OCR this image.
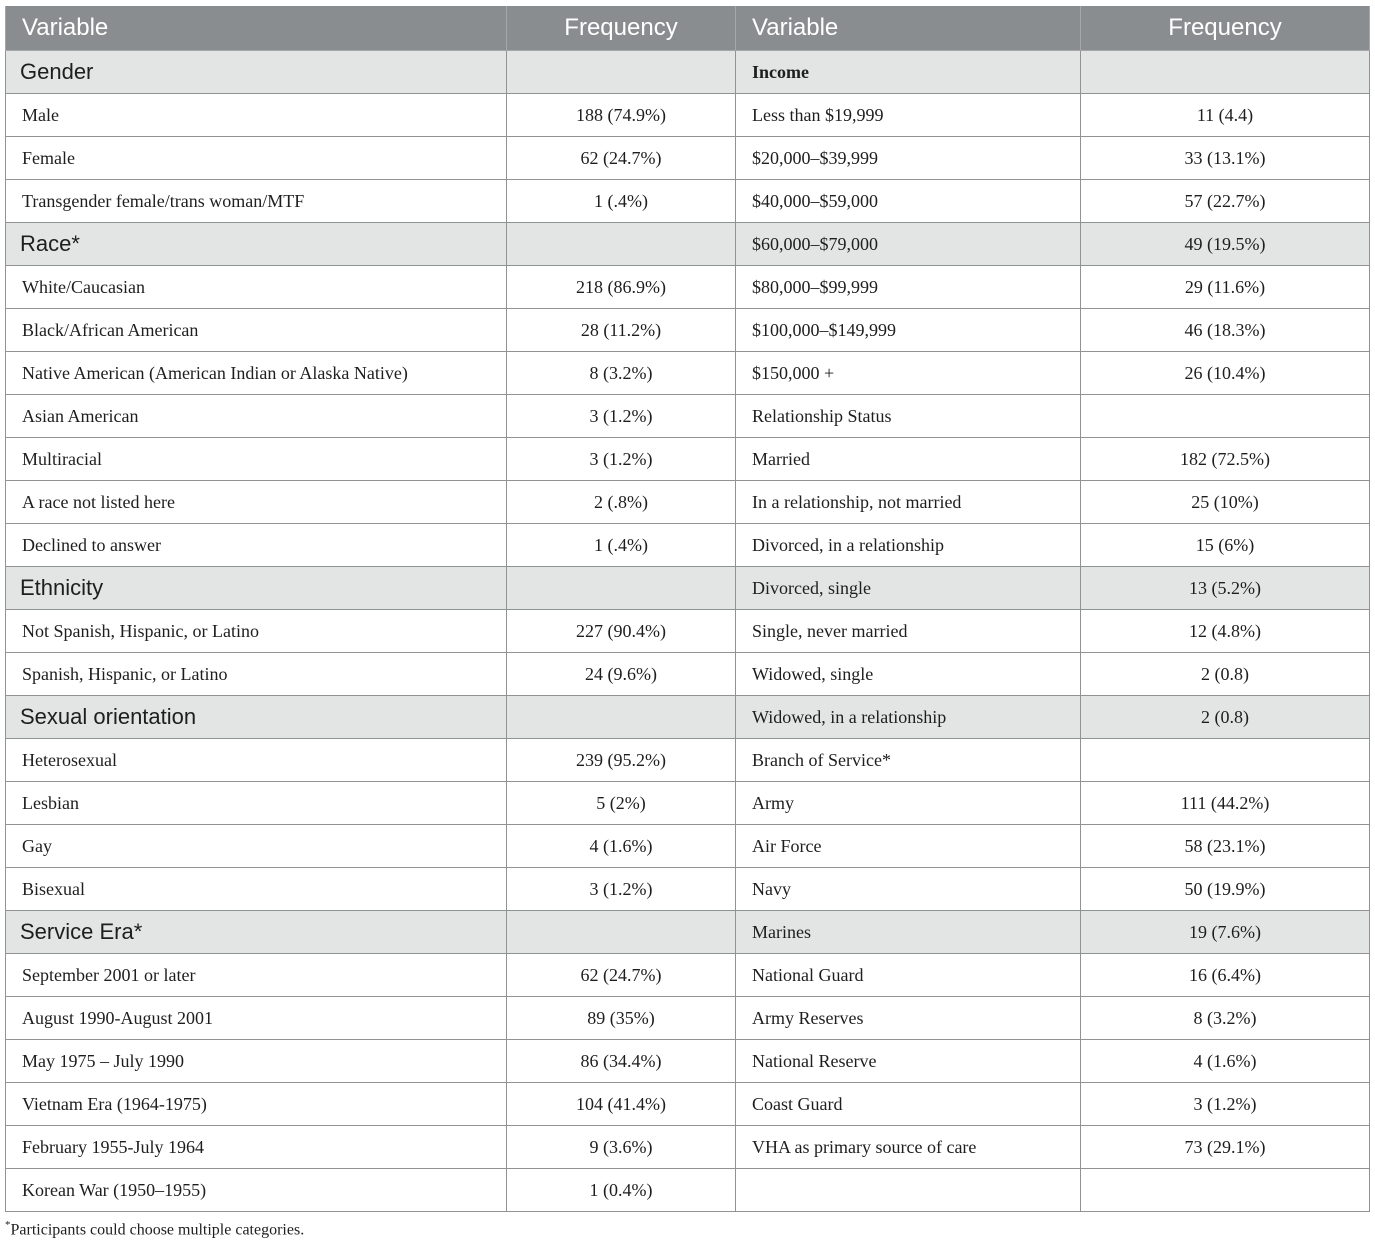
Variable	Frequency	Variable	Frequency
Gender		Income	
Male	188 (74.9%)	Less than $19,999	11 (4.4)
Female	62 (24.7%)	$20,000–$39,999	33 (13.1%)
Transgender female/trans woman/MTF	1 (.4%)	$40,000–$59,000	57 (22.7%)
Race*		$60,000–$79,000	49 (19.5%)
White/Caucasian	218 (86.9%)	$80,000–$99,999	29 (11.6%)
Black/African American	28 (11.2%)	$100,000–$149,999	46 (18.3%)
Native American (American Indian or Alaska Native)	8 (3.2%)	$150,000 +	26 (10.4%)
Asian American	3 (1.2%)	Relationship Status	
Multiracial	3 (1.2%)	Married	182 (72.5%)
A race not listed here	2 (.8%)	In a relationship, not married	25 (10%)
Declined to answer	1 (.4%)	Divorced, in a relationship	15 (6%)
Ethnicity		Divorced, single	13 (5.2%)
Not Spanish, Hispanic, or Latino	227 (90.4%)	Single, never married	12 (4.8%)
Spanish, Hispanic, or Latino	24 (9.6%)	Widowed, single	2 (0.8)
Sexual orientation		Widowed, in a relationship	2 (0.8)
Heterosexual	239 (95.2%)	Branch of Service*	
Lesbian	5 (2%)	Army	111 (44.2%)
Gay	4 (1.6%)	Air Force	58 (23.1%)
Bisexual	3 (1.2%)	Navy	50 (19.9%)
Service Era*		Marines	19 (7.6%)
September 2001 or later	62 (24.7%)	National Guard	16 (6.4%)
August 1990-August 2001	89 (35%)	Army Reserves	8 (3.2%)
May 1975 – July 1990	86 (34.4%)	National Reserve	4 (1.6%)
Vietnam Era (1964-1975)	104 (41.4%)	Coast Guard	3 (1.2%)
February 1955-July 1964	9 (3.6%)	VHA as primary source of care	73 (29.1%)
Korean War (1950–1955)	1 (0.4%)		
*Participants could choose multiple categories.
